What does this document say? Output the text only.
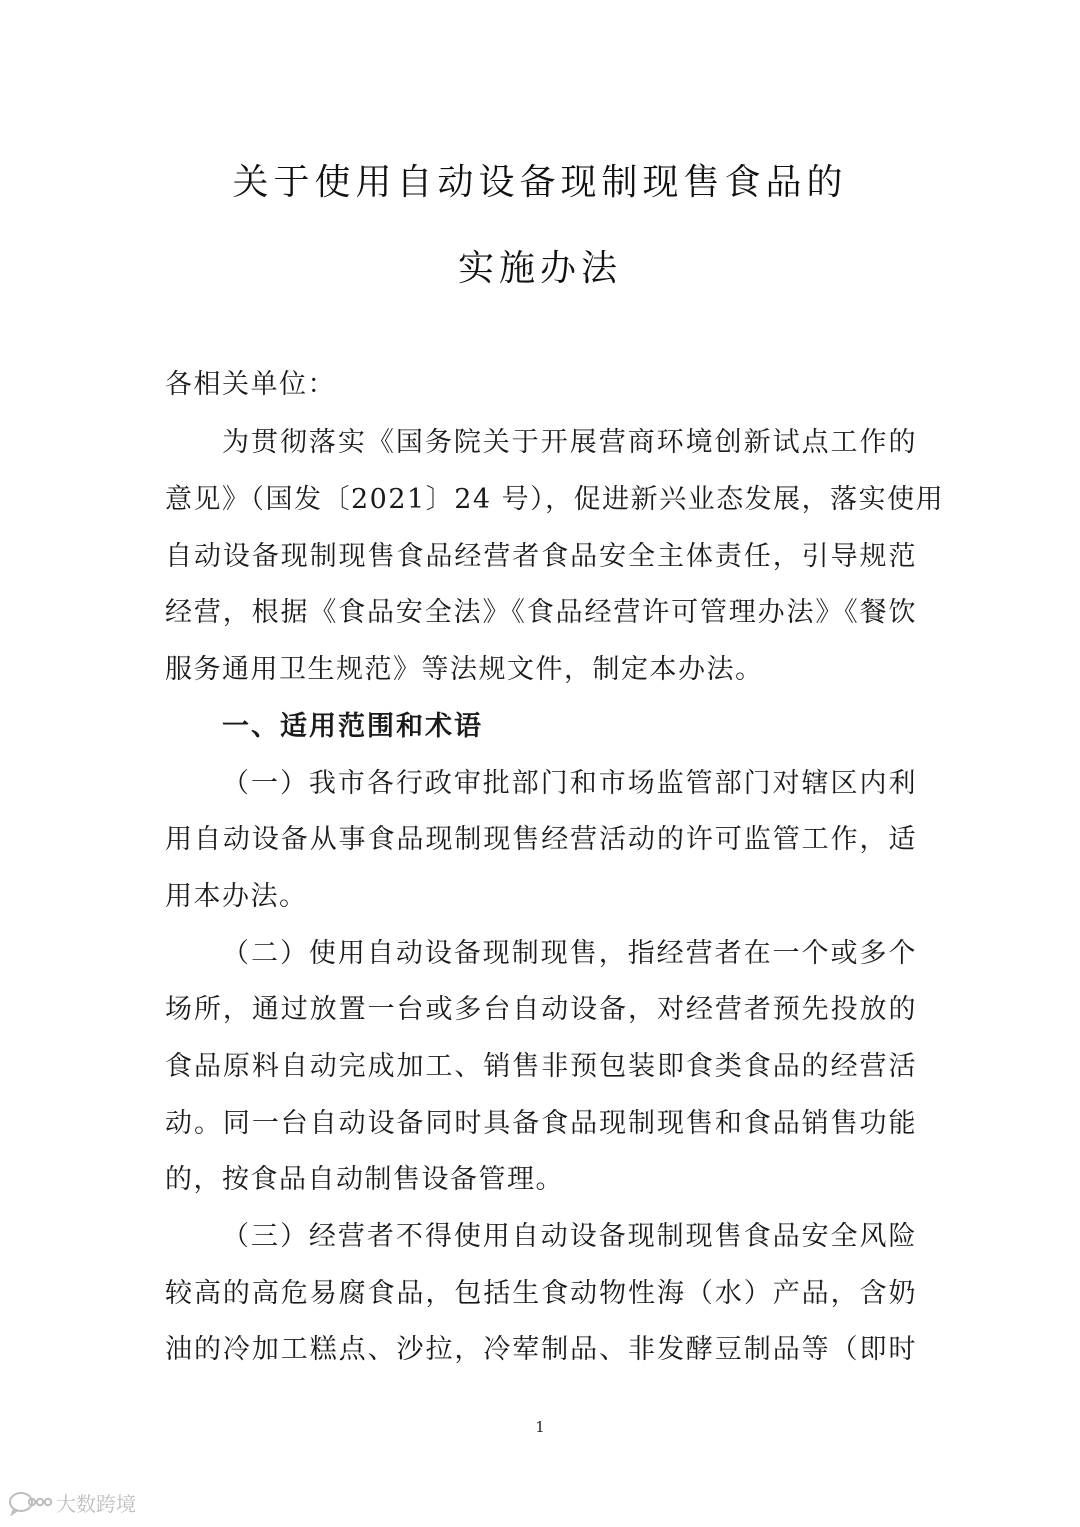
关于使用自动设备现制现售食品的
实施办法

各相关单位：

为贯彻落实《国务院关于开展营商环境创新试点工作的

意见》（国发〔2021〕24 号），促进新兴业态发展，落实使用

自动设备现制现售食品经营者食品安全主体责任，引导规范

经营，根据《食品安全法》《食品经营许可管理办法》《餐饮

服务通用卫生规范》等法规文件，制定本办法。

一、适用范围和术语

（一）我市各行政审批部门和市场监管部门对辖区内利

用自动设备从事食品现制现售经营活动的许可监管工作，适

用本办法。

（二）使用自动设备现制现售，指经营者在一个或多个

场所，通过放置一台或多台自动设备，对经营者预先投放的

食品原料自动完成加工、销售非预包装即食类食品的经营活

动。同一台自动设备同时具备食品现制现售和食品销售功能

的，按食品自动制售设备管理。

（三）经营者不得使用自动设备现制现售食品安全风险

较高的高危易腐食品，包括生食动物性海（水）产品，含奶

油的冷加工糕点、沙拉，冷荤制品、非发酵豆制品等（即时

1
大数跨境
